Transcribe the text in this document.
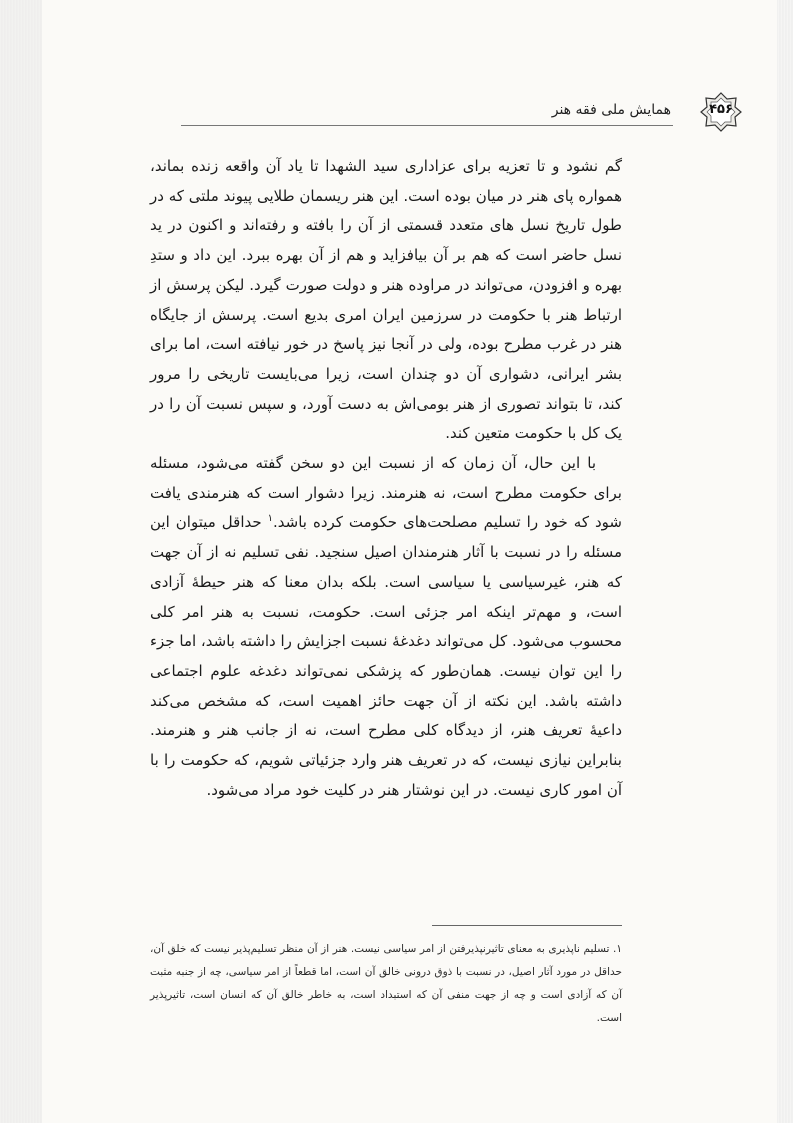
همایش ملی فقه هنر	۴۵۶

گم نشود و تا تعزیه برای عزاداری سید الشهدا تا یاد آن واقعه زنده بماند، همواره پای هنر در میان بوده است. این هنر ریسمان طلایی پیوند ملتی که در طول تاریخ نسل های متعدد قسمتی از آن را بافته و رفته‌اند و اکنون در ید نسل حاضر است که هم بر آن بیافزاید و هم از آن بهره ببرد. این داد و ستدِ بهره و افزودن، می‌تواند در مراوده هنر و دولت صورت گیرد. لیکن پرسش از ارتباط هنر با حکومت در سرزمین ایران امری بدیع است. پرسش از جایگاه هنر در غرب مطرح بوده، ولی در آنجا نیز پاسخ در خور نیافته است، اما برای بشر ایرانی، دشواری آن دو چندان است، زیرا می‌بایست تاریخی را مرور کند، تا بتواند تصوری از هنر بومی‌اش به دست آورد، و سپس نسبت آن را در یک کل با حکومت متعین کند.

با این حال، آن زمان که از نسبت این دو سخن گفته می‌شود، مسئله برای حکومت مطرح است، نه هنرمند. زیرا دشوار است که هنرمندی یافت شود که خود را تسلیم مصلحت‌های حکومت کرده باشد.$^۱$ حداقل میتوان این مسئله را در نسبت با آثار هنرمندان اصیل سنجید. نفی تسلیم نه از آن جهت که هنر، غیرسیاسی یا سیاسی است. بلکه بدان معنا که هنر حیطهٔ آزادی است، و مهم‌تر اینکه امر جزئی است. حکومت، نسبت به هنر امر کلی محسوب می‌شود. کل می‌تواند دغدغهٔ نسبت اجزایش را داشته باشد، اما جزء را این توان نیست. همان‌طور که پزشکی نمی‌تواند دغدغه علوم اجتماعی داشته باشد. این نکته از آن جهت حائز اهمیت است، که مشخص می‌کند داعیهٔ تعریف هنر، از دیدگاه کلی مطرح است، نه از جانب هنر و هنرمند. بنابراین نیازی نیست، که در تعریف هنر وارد جزئیاتی شویم، که حکومت را با آن امور کاری نیست. در این نوشتار هنر در کلیت خود مراد می‌شود.

۱. تسلیم ناپذیری به معنای تاثیرنپذیرفتن از امر سیاسی نیست. هنر از آن منظر تسلیم‌پذیر نیست که خلق آن، حداقل در مورد آثار اصیل، در نسبت با ذوق درونی خالق آن است، اما قطعاً از امر سیاسی، چه از جنبه مثبت آن که آزادی است و چه از جهت منفی آن که استبداد است، به خاطر خالق آن که انسان است، تاثیرپذیر است.
